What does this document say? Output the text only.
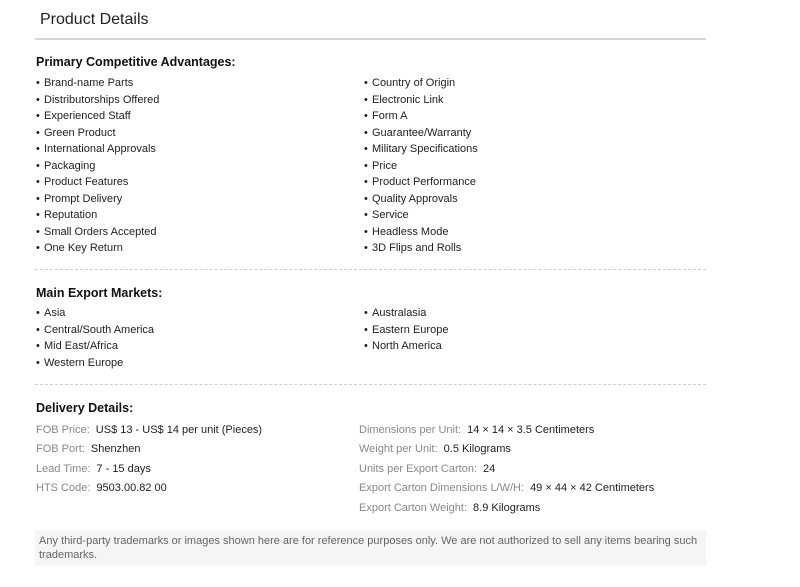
Product Details
Primary Competitive Advantages:
• Brand-name Parts
• Distributorships Offered
• Experienced Staff
• Green Product
• International Approvals
• Packaging
• Product Features
• Prompt Delivery
• Reputation
• Small Orders Accepted
• One Key Return
• Country of Origin
• Electronic Link
• Form A
• Guarantee/Warranty
• Military Specifications
• Price
• Product Performance
• Quality Approvals
• Service
• Headless Mode
• 3D Flips and Rolls
Main Export Markets:
• Asia
• Central/South America
• Mid East/Africa
• Western Europe
• Australasia
• Eastern Europe
• North America
Delivery Details:
FOB Price: US$ 13 - US$ 14 per unit (Pieces)
FOB Port: Shenzhen
Lead Time: 7 - 15 days
HTS Code: 9503.00.82 00
Dimensions per Unit: 14 × 14 × 3.5 Centimeters
Weight per Unit: 0.5 Kilograms
Units per Export Carton: 24
Export Carton Dimensions L/W/H: 49 × 44 × 42 Centimeters
Export Carton Weight: 8.9 Kilograms
Any third-party trademarks or images shown here are for reference purposes only. We are not authorized to sell any items bearing such trademarks.
